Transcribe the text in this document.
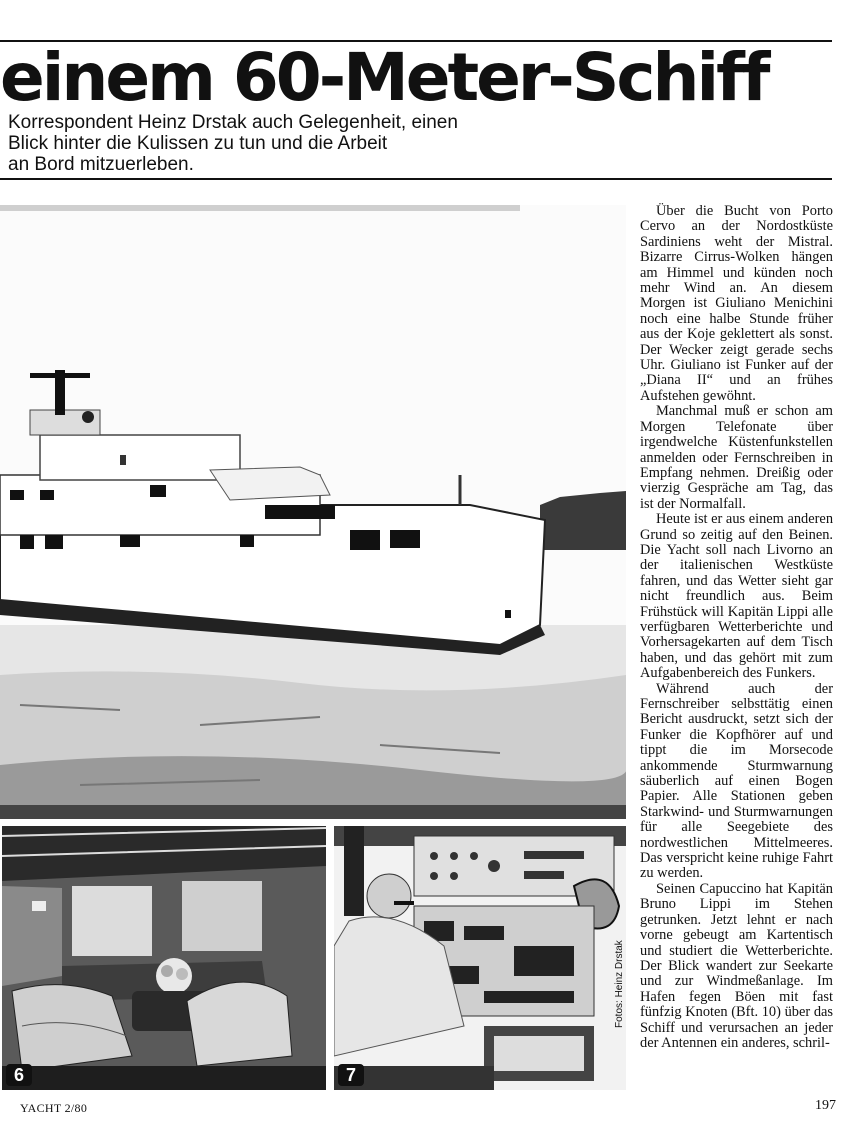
einem 60-Meter-Schiff
Korrespondent Heinz Drstak auch Gelegenheit, einen
Blick hinter die Kulissen zu tun und die Arbeit
an Bord mitzuerleben.
6	7
Fotos: Heinz Drstak

Über die Bucht von Porto Cervo an der Nordostküste Sardiniens weht der Mistral. Bizarre Cirrus-Wolken hängen am Himmel und künden noch mehr Wind an. An diesem Morgen ist Giuliano Menichini noch eine halbe Stunde früher aus der Koje geklettert als sonst. Der Wecker zeigt gerade sechs Uhr. Giuliano ist Funker auf der „Diana II“ und an frühes Aufstehen gewöhnt.

Manchmal muß er schon am Morgen Telefonate über irgendwelche Küstenfunkstellen anmelden oder Fernschreiben in Empfang nehmen. Dreißig oder vierzig Gespräche am Tag, das ist der Normalfall.

Heute ist er aus einem anderen Grund so zeitig auf den Beinen. Die Yacht soll nach Livorno an der italienischen Westküste fahren, und das Wetter sieht gar nicht freundlich aus. Beim Frühstück will Kapitän Lippi alle verfügbaren Wetterberichte und Vorhersagekarten auf dem Tisch haben, und das gehört mit zum Aufgabenbereich des Funkers.

Während auch der Fernschreiber selbsttätig einen Bericht ausdruckt, setzt sich der Funker die Kopfhörer auf und tippt die im Morsecode ankommende Sturmwarnung säuberlich auf einen Bogen Papier. Alle Stationen geben Starkwind- und Sturmwarnungen für alle Seegebiete des nordwestlichen Mittelmeeres. Das verspricht keine ruhige Fahrt zu werden.

Seinen Capuccino hat Kapitän Bruno Lippi im Stehen getrunken. Jetzt lehnt er nach vorne gebeugt am Kartentisch und studiert die Wetterberichte. Der Blick wandert zur Seekarte und zur Windmeßanlage. Im Hafen fegen Böen mit fast fünfzig Knoten (Bft. 10) über das Schiff und verursachen an jeder der Antennen ein anderes, schril-

YACHT 2/80	197
